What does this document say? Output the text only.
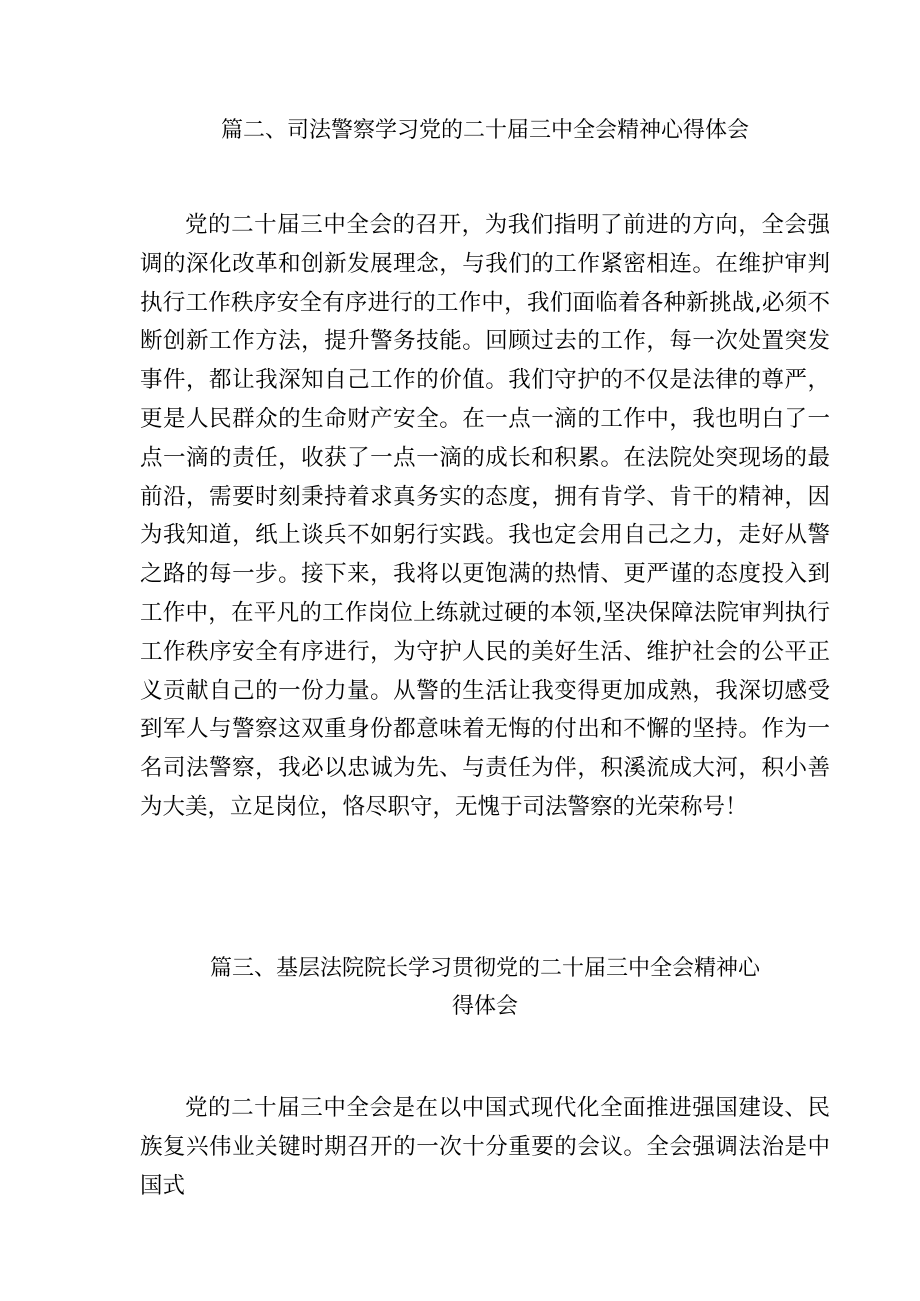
篇二、司法警察学习党的二十届三中全会精神心得体会

党的二十届三中全会的召开，为我们指明了前进的方向，全会强调的深化改革和创新发展理念，与我们的工作紧密相连。在维护审判执行工作秩序安全有序进行的工作中，我们面临着各种新挑战,必须不断创新工作方法，提升警务技能。回顾过去的工作，每一次处置突发事件，都让我深知自己工作的价值。我们守护的不仅是法律的尊严，更是人民群众的生命财产安全。在一点一滴的工作中，我也明白了一点一滴的责任，收获了一点一滴的成长和积累。在法院处突现场的最前沿，需要时刻秉持着求真务实的态度，拥有肯学、肯干的精神，因为我知道，纸上谈兵不如躬行实践。我也定会用自己之力，走好从警之路的每一步。接下来，我将以更饱满的热情、更严谨的态度投入到工作中，在平凡的工作岗位上练就过硬的本领,坚决保障法院审判执行工作秩序安全有序进行，为守护人民的美好生活、维护社会的公平正义贡献自己的一份力量。从警的生活让我变得更加成熟，我深切感受到军人与警察这双重身份都意味着无悔的付出和不懈的坚持。作为一名司法警察，我必以忠诚为先、与责任为伴，积溪流成大河，积小善为大美，立足岗位，恪尽职守，无愧于司法警察的光荣称号！

篇三、基层法院院长学习贯彻党的二十届三中全会精神心
得体会

党的二十届三中全会是在以中国式现代化全面推进强国建设、民族复兴伟业关键时期召开的一次十分重要的会议。全会强调法治是中国式
